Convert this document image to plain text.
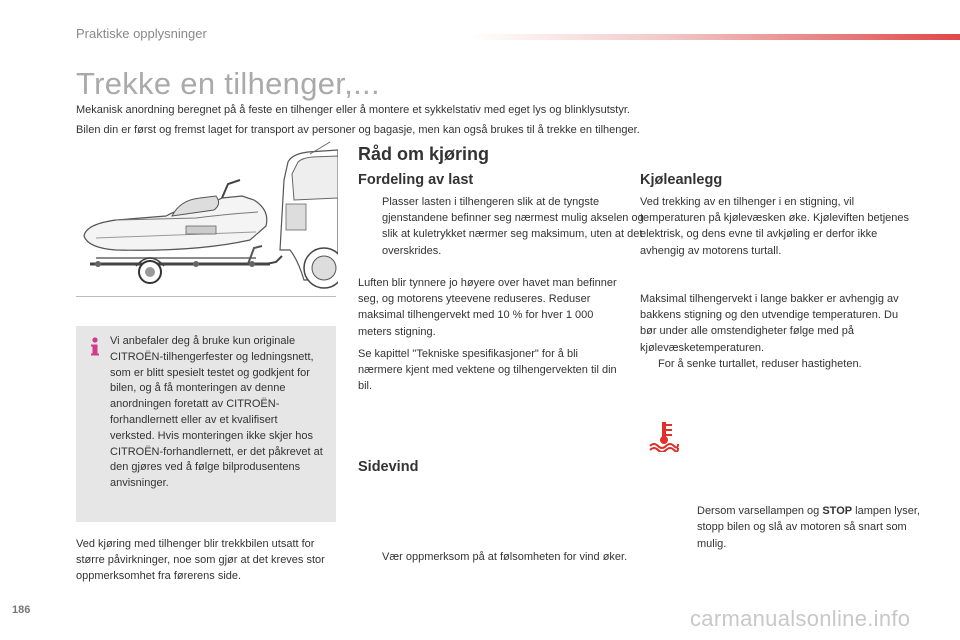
Praktiske opplysninger
Trekke en tilhenger,...
Mekanisk anordning beregnet på å feste en tilhenger eller å montere et sykkelstativ med eget lys og blinklysutstyr.
Bilen din er først og fremst laget for transport av personer og bagasje, men kan også brukes til å trekke en tilhenger.
Vi anbefaler deg å bruke kun originale CITROËN-tilhengerfester og ledningsnett, som er blitt spesielt testet og godkjent for bilen, og å få monteringen av denne anordningen foretatt av CITROËN-forhandlernett eller av et kvalifisert verksted. Hvis monteringen ikke skjer hos CITROËN-forhandlernett, er det påkrevet at den gjøres ved å følge bilprodusentens anvisninger.
Ved kjøring med tilhenger blir trekkbilen utsatt for større påvirkninger, noe som gjør at det kreves stor oppmerksomhet fra førerens side.
Råd om kjøring
Fordeling av last
Plasser lasten i tilhengeren slik at de tyngste gjenstandene befinner seg nærmest mulig akselen og slik at kuletrykket nærmer seg maksimum, uten at det overskrides.
Luften blir tynnere jo høyere over havet man befinner seg, og motorens yteevene reduseres. Reduser maksimal tilhengervekt med 10 % for hver 1 000 meters stigning.
Se kapittel "Tekniske spesifikasjoner" for å bli nærmere kjent med vektene og tilhengervekten til din bil.
Sidevind
Vær oppmerksom på at følsomheten for vind øker.
Kjøleanlegg
Ved trekking av en tilhenger i en stigning, vil temperaturen på kjølevæsken øke. Kjøleviften betjenes elektrisk, og dens evne til avkjøling er derfor ikke avhengig av motorens turtall.
For å senke turtallet, reduser hastigheten.
Maksimal tilhengervekt i lange bakker er avhengig av bakkens stigning og den utvendige temperaturen. Du bør under alle omstendigheter følge med på kjølevæsketemperaturen.
Dersom varsellampen og STOP lampen lyser, stopp bilen og slå av motoren så snart som mulig.
186	carmanualsonline.info
